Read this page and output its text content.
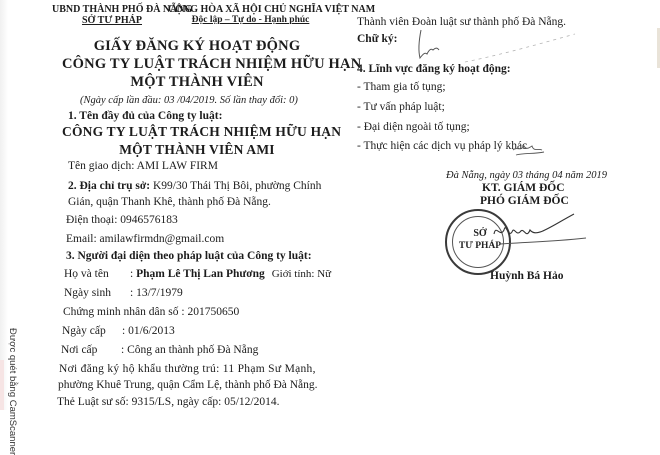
UBND THÀNH PHỐ ĐÀ NẴNG
SỞ TƯ PHÁP
CỘNG HÒA XÃ HỘI CHỦ NGHĨA VIỆT NAM
Độc lập – Tự do - Hạnh phúc
GIẤY ĐĂNG KÝ HOẠT ĐỘNG
CÔNG TY LUẬT TRÁCH NHIỆM HỮU HẠN
MỘT THÀNH VIÊN
(Ngày cấp lần đầu: 03 /04/2019. Số lần thay đổi: 0)
1. Tên đầy đủ của Công ty luật:
CÔNG TY LUẬT TRÁCH NHIỆM HỮU HẠN
MỘT THÀNH VIÊN AMI
Tên giao dịch: AMI LAW FIRM
2. Địa chỉ trụ sở: K99/30 Thái Thị Bôi, phường Chính
Gián, quận Thanh Khê, thành phố Đà Nẵng.
Điện thoại: 0946576183
Email: amilawfirmdn@gmail.com
3. Người đại diện theo pháp luật của Công ty luật:
Họ và tên : Phạm Lê Thị Lan Phương Giới tính: Nữ
Ngày sinh : 13/7/1979
Chứng minh nhân dân số : 201750650
Ngày cấp : 01/6/2013
Nơi cấp : Công an thành phố Đà Nẵng
Nơi đăng ký hộ khẩu thường trú: 11 Phạm Sư Mạnh,
phường Khuê Trung, quận Cẩm Lệ, thành phố Đà Nẵng.
Thẻ Luật sư số: 9315/LS, ngày cấp: 05/12/2014.
Thành viên Đoàn luật sư thành phố Đà Nẵng.
Chữ ký:
4. Lĩnh vực đăng ký hoạt động:
- Tham gia tố tụng;
- Tư vấn pháp luật;
- Đại diện ngoài tố tụng;
- Thực hiện các dịch vụ pháp lý khác
Đà Nẵng, ngày 03 tháng 04 năm 2019
KT. GIÁM ĐỐC
PHÓ GIÁM ĐỐC
SỞ
TƯ PHÁP
Huỳnh Bá Hảo
Được quét bằng CamScanner
